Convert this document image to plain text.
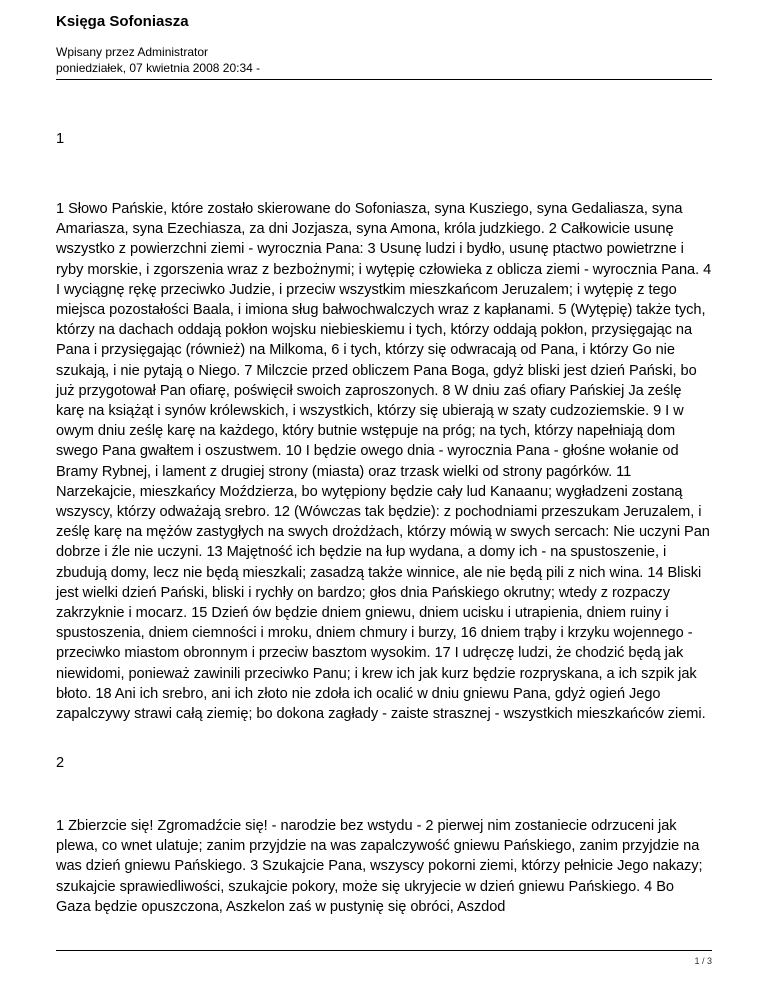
Księga Sofoniasza
Wpisany przez Administrator
poniedziałek, 07 kwietnia 2008 20:34 -

1

1 Słowo Pańskie, które zostało skierowane do Sofoniasza, syna Kusziego, syna Gedaliasza, syna Amariasza, syna Ezechiasza, za dni Jozjasza, syna Amona, króla judzkiego. 2 Całkowicie usunę wszystko z powierzchni ziemi - wyrocznia Pana: 3 Usunę ludzi i bydło, usunę ptactwo powietrzne i ryby morskie, i zgorszenia wraz z bezbożnymi; i wytępię człowieka z oblicza ziemi - wyrocznia Pana. 4 I wyciągnę rękę przeciwko Judzie, i przeciw wszystkim mieszkańcom Jeruzalem; i wytępię z tego miejsca pozostałości Baala, i imiona sług bałwochwalczych wraz z kapłanami. 5 (Wytępię) także tych, którzy na dachach oddają pokłon wojsku niebieskiemu i tych, którzy oddają pokłon, przysięgając na Pana i przysięgając (również) na Milkoma, 6 i tych, którzy się odwracają od Pana, i którzy Go nie szukają, i nie pytają o Niego. 7 Milczcie przed obliczem Pana Boga, gdyż bliski jest dzień Pański, bo już przygotował Pan ofiarę, poświęcił swoich zaproszonych. 8 W dniu zaś ofiary Pańskiej Ja ześlę karę na książąt i synów królewskich, i wszystkich, którzy się ubierają w szaty cudzoziemskie. 9 I w owym dniu ześlę karę na każdego, który butnie wstępuje na próg; na tych, którzy napełniają dom swego Pana gwałtem i oszustwem. 10 I będzie owego dnia - wyrocznia Pana - głośne wołanie od Bramy Rybnej, i lament z drugiej strony (miasta) oraz trzask wielki od strony pagórków. 11 Narzekajcie, mieszkańcy Moździerza, bo wytępiony będzie cały lud Kanaanu; wygładzeni zostaną wszyscy, którzy odważają srebro. 12 (Wówczas tak będzie): z pochodniami przeszukam Jeruzalem, i ześlę karę na mężów zastygłych na swych drożdżach, którzy mówią w swych sercach: Nie uczyni Pan dobrze i źle nie uczyni. 13 Majętność ich będzie na łup wydana, a domy ich - na spustoszenie, i zbudują domy, lecz nie będą mieszkali; zasadzą także winnice, ale nie będą pili z nich wina. 14 Bliski jest wielki dzień Pański, bliski i rychły on bardzo; głos dnia Pańskiego okrutny; wtedy z rozpaczy zakrzyknie i mocarz. 15 Dzień ów będzie dniem gniewu, dniem ucisku i utrapienia, dniem ruiny i spustoszenia, dniem ciemności i mroku, dniem chmury i burzy, 16 dniem trąby i krzyku wojennego - przeciwko miastom obronnym i przeciw basztom wysokim. 17 I udręczę ludzi, że chodzić będą jak niewidomi, ponieważ zawinili przeciwko Panu; i krew ich jak kurz będzie rozpryskana, a ich szpik jak błoto. 18 Ani ich srebro, ani ich złoto nie zdoła ich ocalić w dniu gniewu Pana, gdyż ogień Jego zapalczywy strawi całą ziemię; bo dokona zagłady - zaiste strasznej - wszystkich mieszkańców ziemi.

2

1 Zbierzcie się! Zgromadźcie się! - narodzie bez wstydu - 2 pierwej nim zostaniecie odrzuceni jak plewa, co wnet ulatuje; zanim przyjdzie na was zapalczywość gniewu Pańskiego, zanim przyjdzie na was dzień gniewu Pańskiego. 3 Szukajcie Pana, wszyscy pokorni ziemi, którzy pełnicie Jego nakazy; szukajcie sprawiedliwości, szukajcie pokory, może się ukryjecie w dzień gniewu Pańskiego. 4 Bo Gaza będzie opuszczona, Aszkelon zaś w pustynię się obróci, Aszdod

1 / 3
